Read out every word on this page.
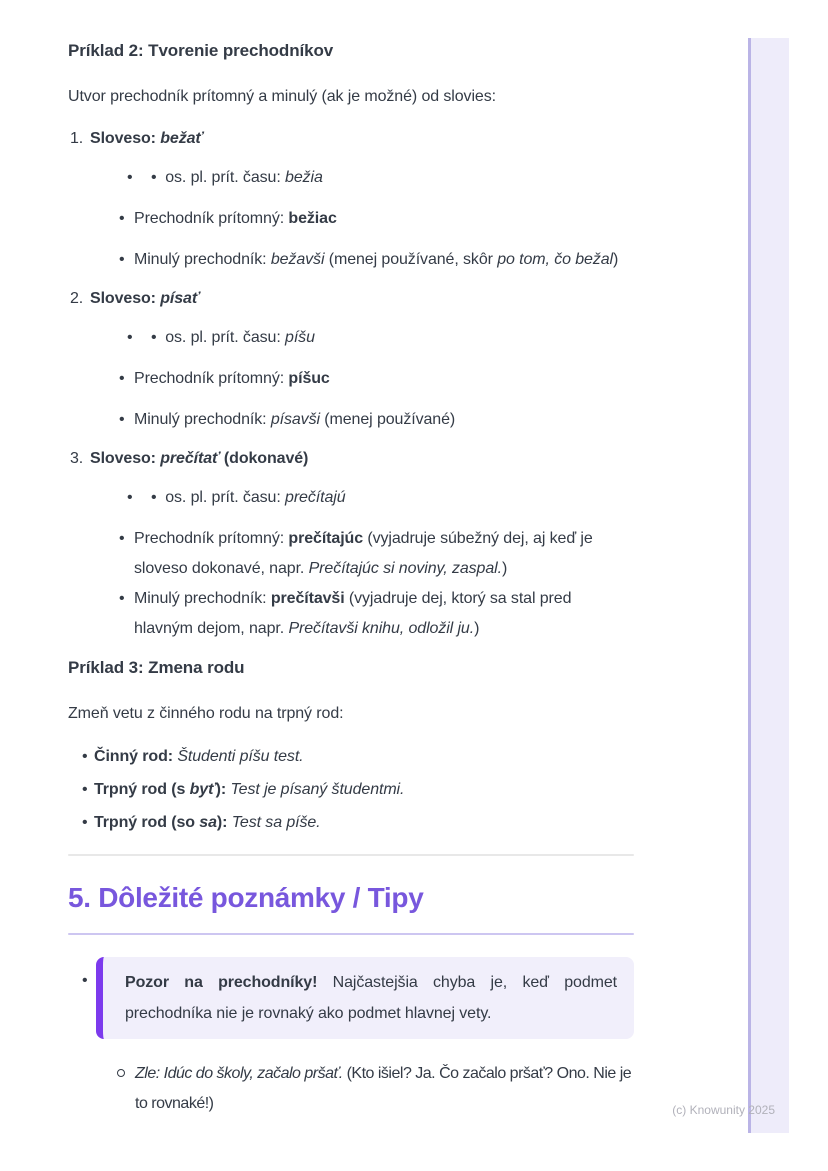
Príklad 2: Tvorenie prechodníkov

Utvor prechodník prítomný a minulý (ak je možné) od slovies:

1. Sloveso: bežať
• •  os. pl. prít. času: bežia
• Prechodník prítomný: bežiac
• Minulý prechodník: bežavši (menej používané, skôr po tom, čo bežal)
2. Sloveso: písať
• •  os. pl. prít. času: píšu
• Prechodník prítomný: píšuc
• Minulý prechodník: písavši (menej používané)
3. Sloveso: prečítať (dokonavé)
• •  os. pl. prít. času: prečítajú
• Prechodník prítomný: prečítajúc (vyjadruje súbežný dej, aj keď je sloveso dokonavé, napr. Prečítajúc si noviny, zaspal.)
• Minulý prechodník: prečítavši (vyjadruje dej, ktorý sa stal pred hlavným dejom, napr. Prečítavši knihu, odložil ju.)
Príklad 3: Zmena rodu

Zmeň vetu z činného rodu na trpný rod:

• Činný rod: Študenti píšu test.
• Trpný rod (s byť): Test je písaný študentmi.
• Trpný rod (so sa): Test sa píše.
5. Dôležité poznámky / Tipy
•	Pozor na prechodníky! Najčastejšia chyba je, keď podmet prechodníka nie je rovnaký ako podmet hlavnej vety.
Zle: Idúc do školy, začalo pršať. (Kto išiel? Ja. Čo začalo pršať? Ono. Nie je to rovnaké!)	(c) Knowunity 2025
